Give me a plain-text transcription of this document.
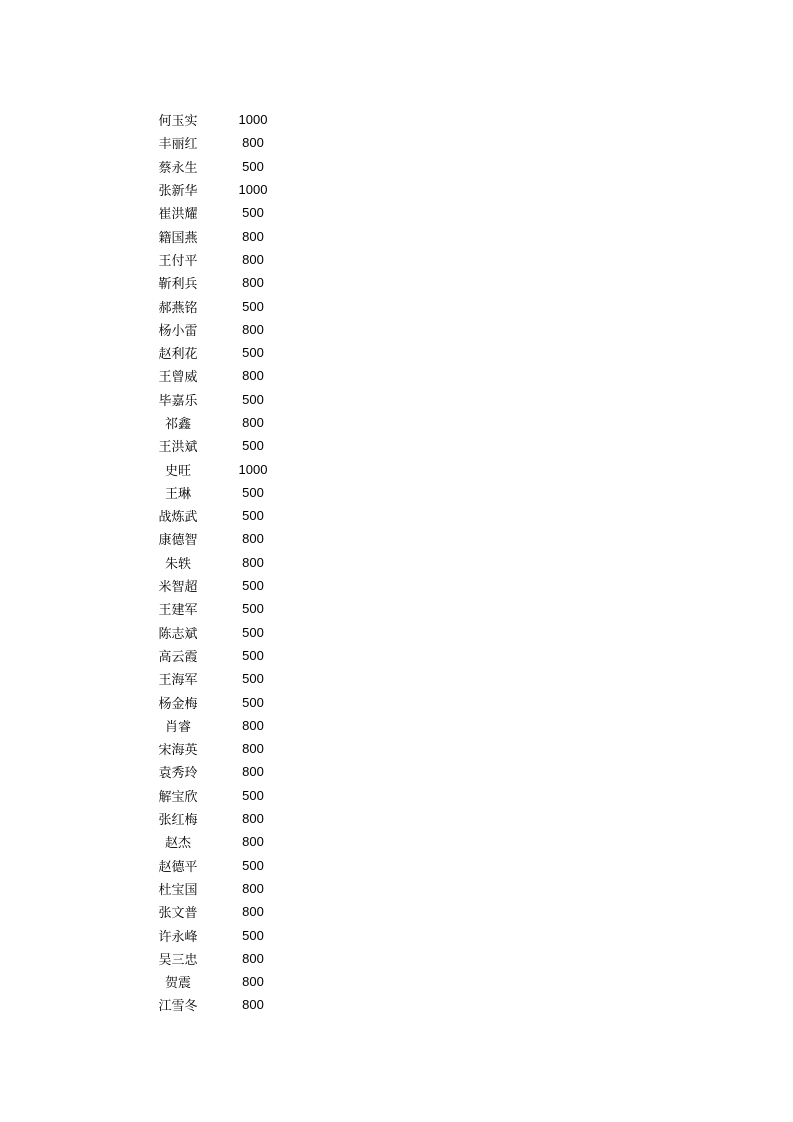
何玉实	1000
丰丽红	800
蔡永生	500
张新华	1000
崔洪耀	500
籍国燕	800
王付平	800
靳利兵	800
郝燕铭	500
杨小雷	800
赵利花	500
王曾威	800
毕嘉乐	500
祁鑫	800
王洪斌	500
史旺	1000
王琳	500
战炼武	500
康德智	800
朱轶	800
米智超	500
王建军	500
陈志斌	500
高云霞	500
王海军	500
杨金梅	500
肖睿	800
宋海英	800
袁秀玲	800
解宝欣	500
张红梅	800
赵杰	800
赵德平	500
杜宝国	800
张文普	800
许永峰	500
吴三忠	800
贺震	800
江雪冬	800
